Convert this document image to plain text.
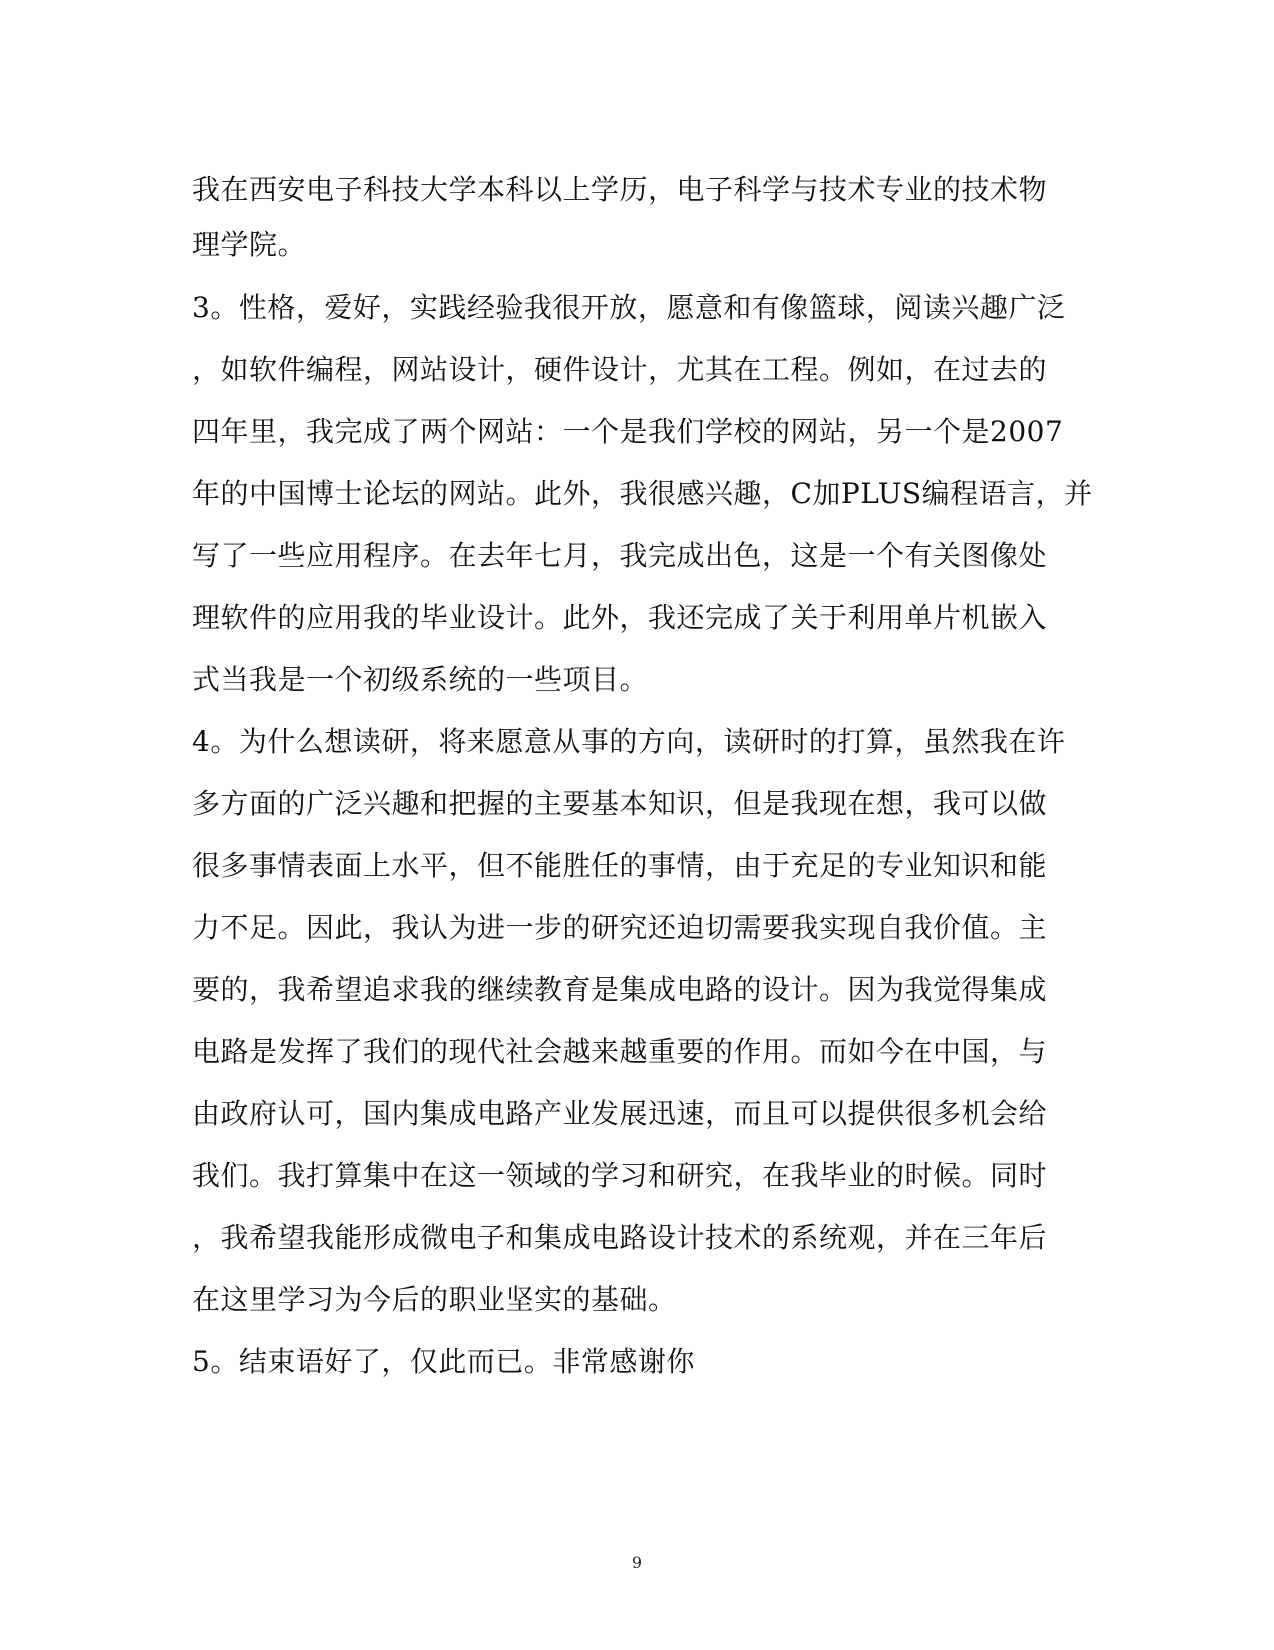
我在西安电子科技大学本科以上学历，电子科学与技术专业的技术物
理学院。
3。性格，爱好，实践经验我很开放，愿意和有像篮球，阅读兴趣广泛
，如软件编程，网站设计，硬件设计，尤其在工程。例如，在过去的
四年里，我完成了两个网站：一个是我们学校的网站，另一个是2007
年的中国博士论坛的网站。此外，我很感兴趣，C加PLUS编程语言，并
写了一些应用程序。在去年七月，我完成出色，这是一个有关图像处
理软件的应用我的毕业设计。此外，我还完成了关于利用单片机嵌入
式当我是一个初级系统的一些项目。
4。为什么想读研，将来愿意从事的方向，读研时的打算，虽然我在许
多方面的广泛兴趣和把握的主要基本知识，但是我现在想，我可以做
很多事情表面上水平，但不能胜任的事情，由于充足的专业知识和能
力不足。因此，我认为进一步的研究还迫切需要我实现自我价值。主
要的，我希望追求我的继续教育是集成电路的设计。因为我觉得集成
电路是发挥了我们的现代社会越来越重要的作用。而如今在中国，与
由政府认可，国内集成电路产业发展迅速，而且可以提供很多机会给
我们。我打算集中在这一领域的学习和研究，在我毕业的时候。同时
，我希望我能形成微电子和集成电路设计技术的系统观，并在三年后
在这里学习为今后的职业坚实的基础。
5。结束语好了，仅此而已。非常感谢你
9
